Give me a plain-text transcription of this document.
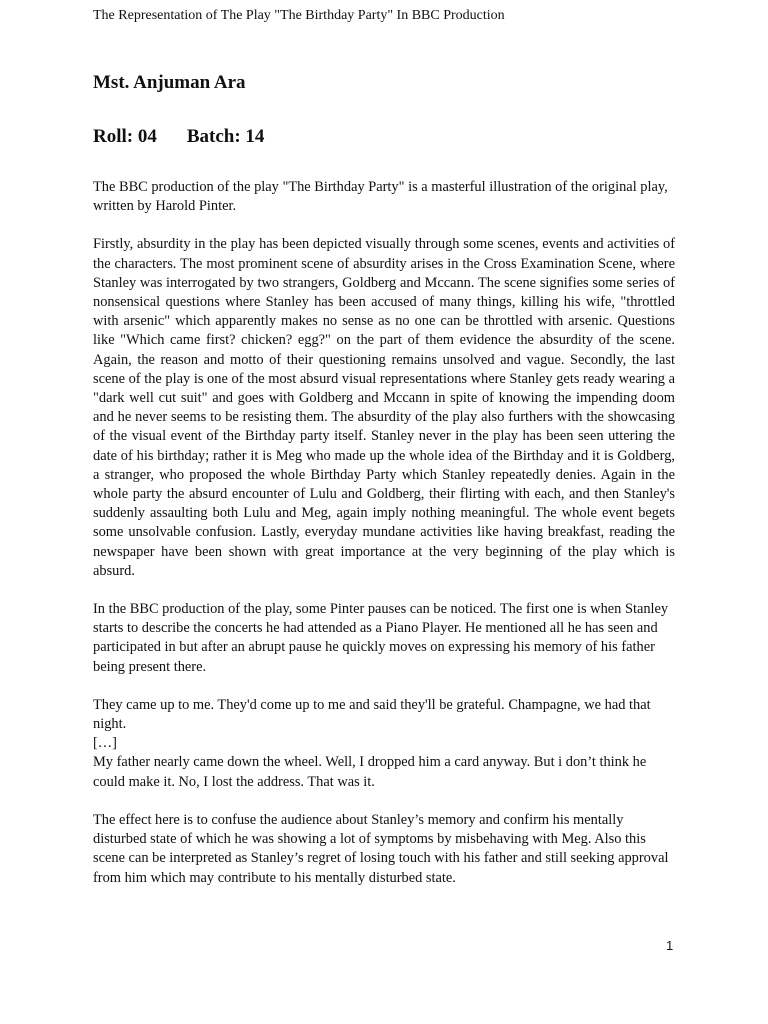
The Representation of The Play "The Birthday Party" In BBC Production
Mst. Anjuman Ara
Roll: 04 Batch: 14

The BBC production of the play "The Birthday Party" is a masterful illustration of the original play, written by Harold Pinter.

Firstly, absurdity in the play has been depicted visually through some scenes, events and activities of the characters. The most prominent scene of absurdity arises in the Cross Examination Scene, where Stanley was interrogated by two strangers, Goldberg and Mccann. The scene signifies some series of nonsensical questions where Stanley has been accused of many things, killing his wife, "throttled with arsenic" which apparently makes no sense as no one can be throttled with arsenic. Questions like "Which came first? chicken? egg?" on the part of them evidence the absurdity of the scene. Again, the reason and motto of their questioning remains unsolved and vague. Secondly, the last scene of the play is one of the most absurd visual representations where Stanley gets ready wearing a "dark well cut suit" and goes with Goldberg and Mccann in spite of knowing the impending doom and he never seems to be resisting them. The absurdity of the play also furthers with the showcasing of the visual event of the Birthday party itself. Stanley never in the play has been seen uttering the date of his birthday; rather it is Meg who made up the whole idea of the Birthday and it is Goldberg, a stranger, who proposed the whole Birthday Party which Stanley repeatedly denies. Again in the whole party the absurd encounter of Lulu and Goldberg, their flirting with each, and then Stanley's suddenly assaulting both Lulu and Meg, again imply nothing meaningful. The whole event begets some unsolvable confusion. Lastly, everyday mundane activities like having breakfast, reading the newspaper have been shown with great importance at the very beginning of the play which is absurd.

In the BBC production of the play, some Pinter pauses can be noticed. The first one is when Stanley starts to describe the concerts he had attended as a Piano Player. He mentioned all he has seen and participated in but after an abrupt pause he quickly moves on expressing his memory of his father being present there.

They came up to me. They'd come up to me and said they'll be grateful. Champagne, we had that night.
[…]
My father nearly came down the wheel. Well, I dropped him a card anyway. But i don’t think he could make it. No, I lost the address. That was it.

The effect here is to confuse the audience about Stanley’s memory and confirm his mentally disturbed state of which he was showing a lot of symptoms by misbehaving with Meg. Also this scene can be interpreted as Stanley’s regret of losing touch with his father and still seeking approval from him which may contribute to his mentally disturbed state.

1
